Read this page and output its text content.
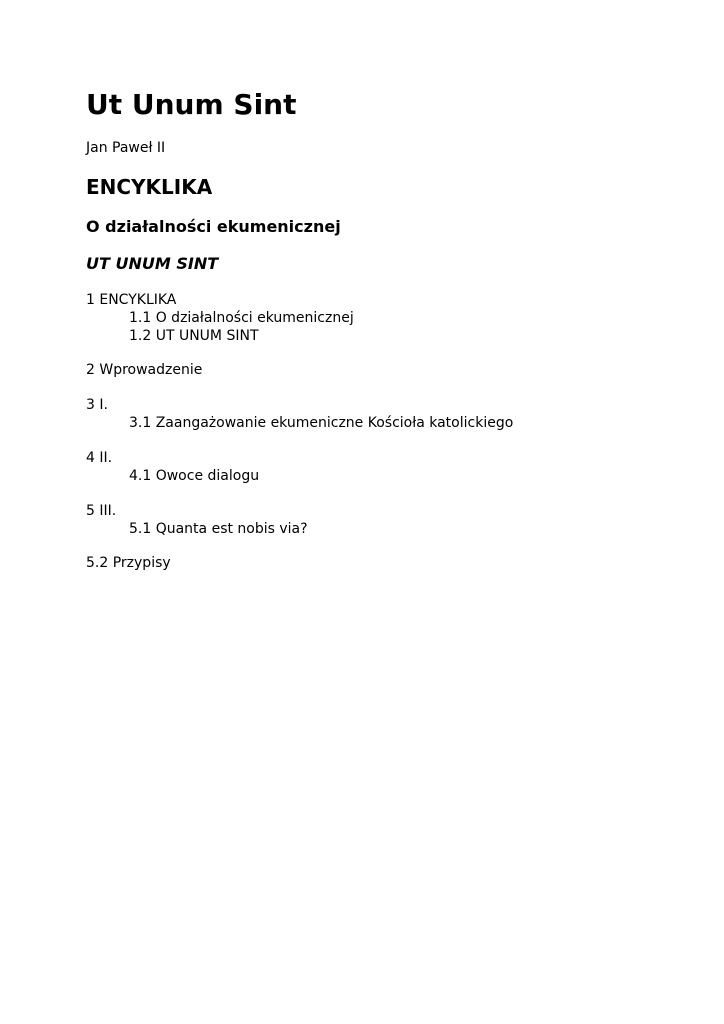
Ut Unum Sint

Jan Paweł II

ENCYKLIKA
O działalności ekumenicznej
UT UNUM SINT
1 ENCYKLIKA
1.1 O działalności ekumenicznej
1.2 UT UNUM SINT
2 Wprowadzenie
3 I.
3.1 Zaangażowanie ekumeniczne Kościoła katolickiego
4 II.
4.1 Owoce dialogu
5 III.
5.1 Quanta est nobis via?
5.2 Przypisy
